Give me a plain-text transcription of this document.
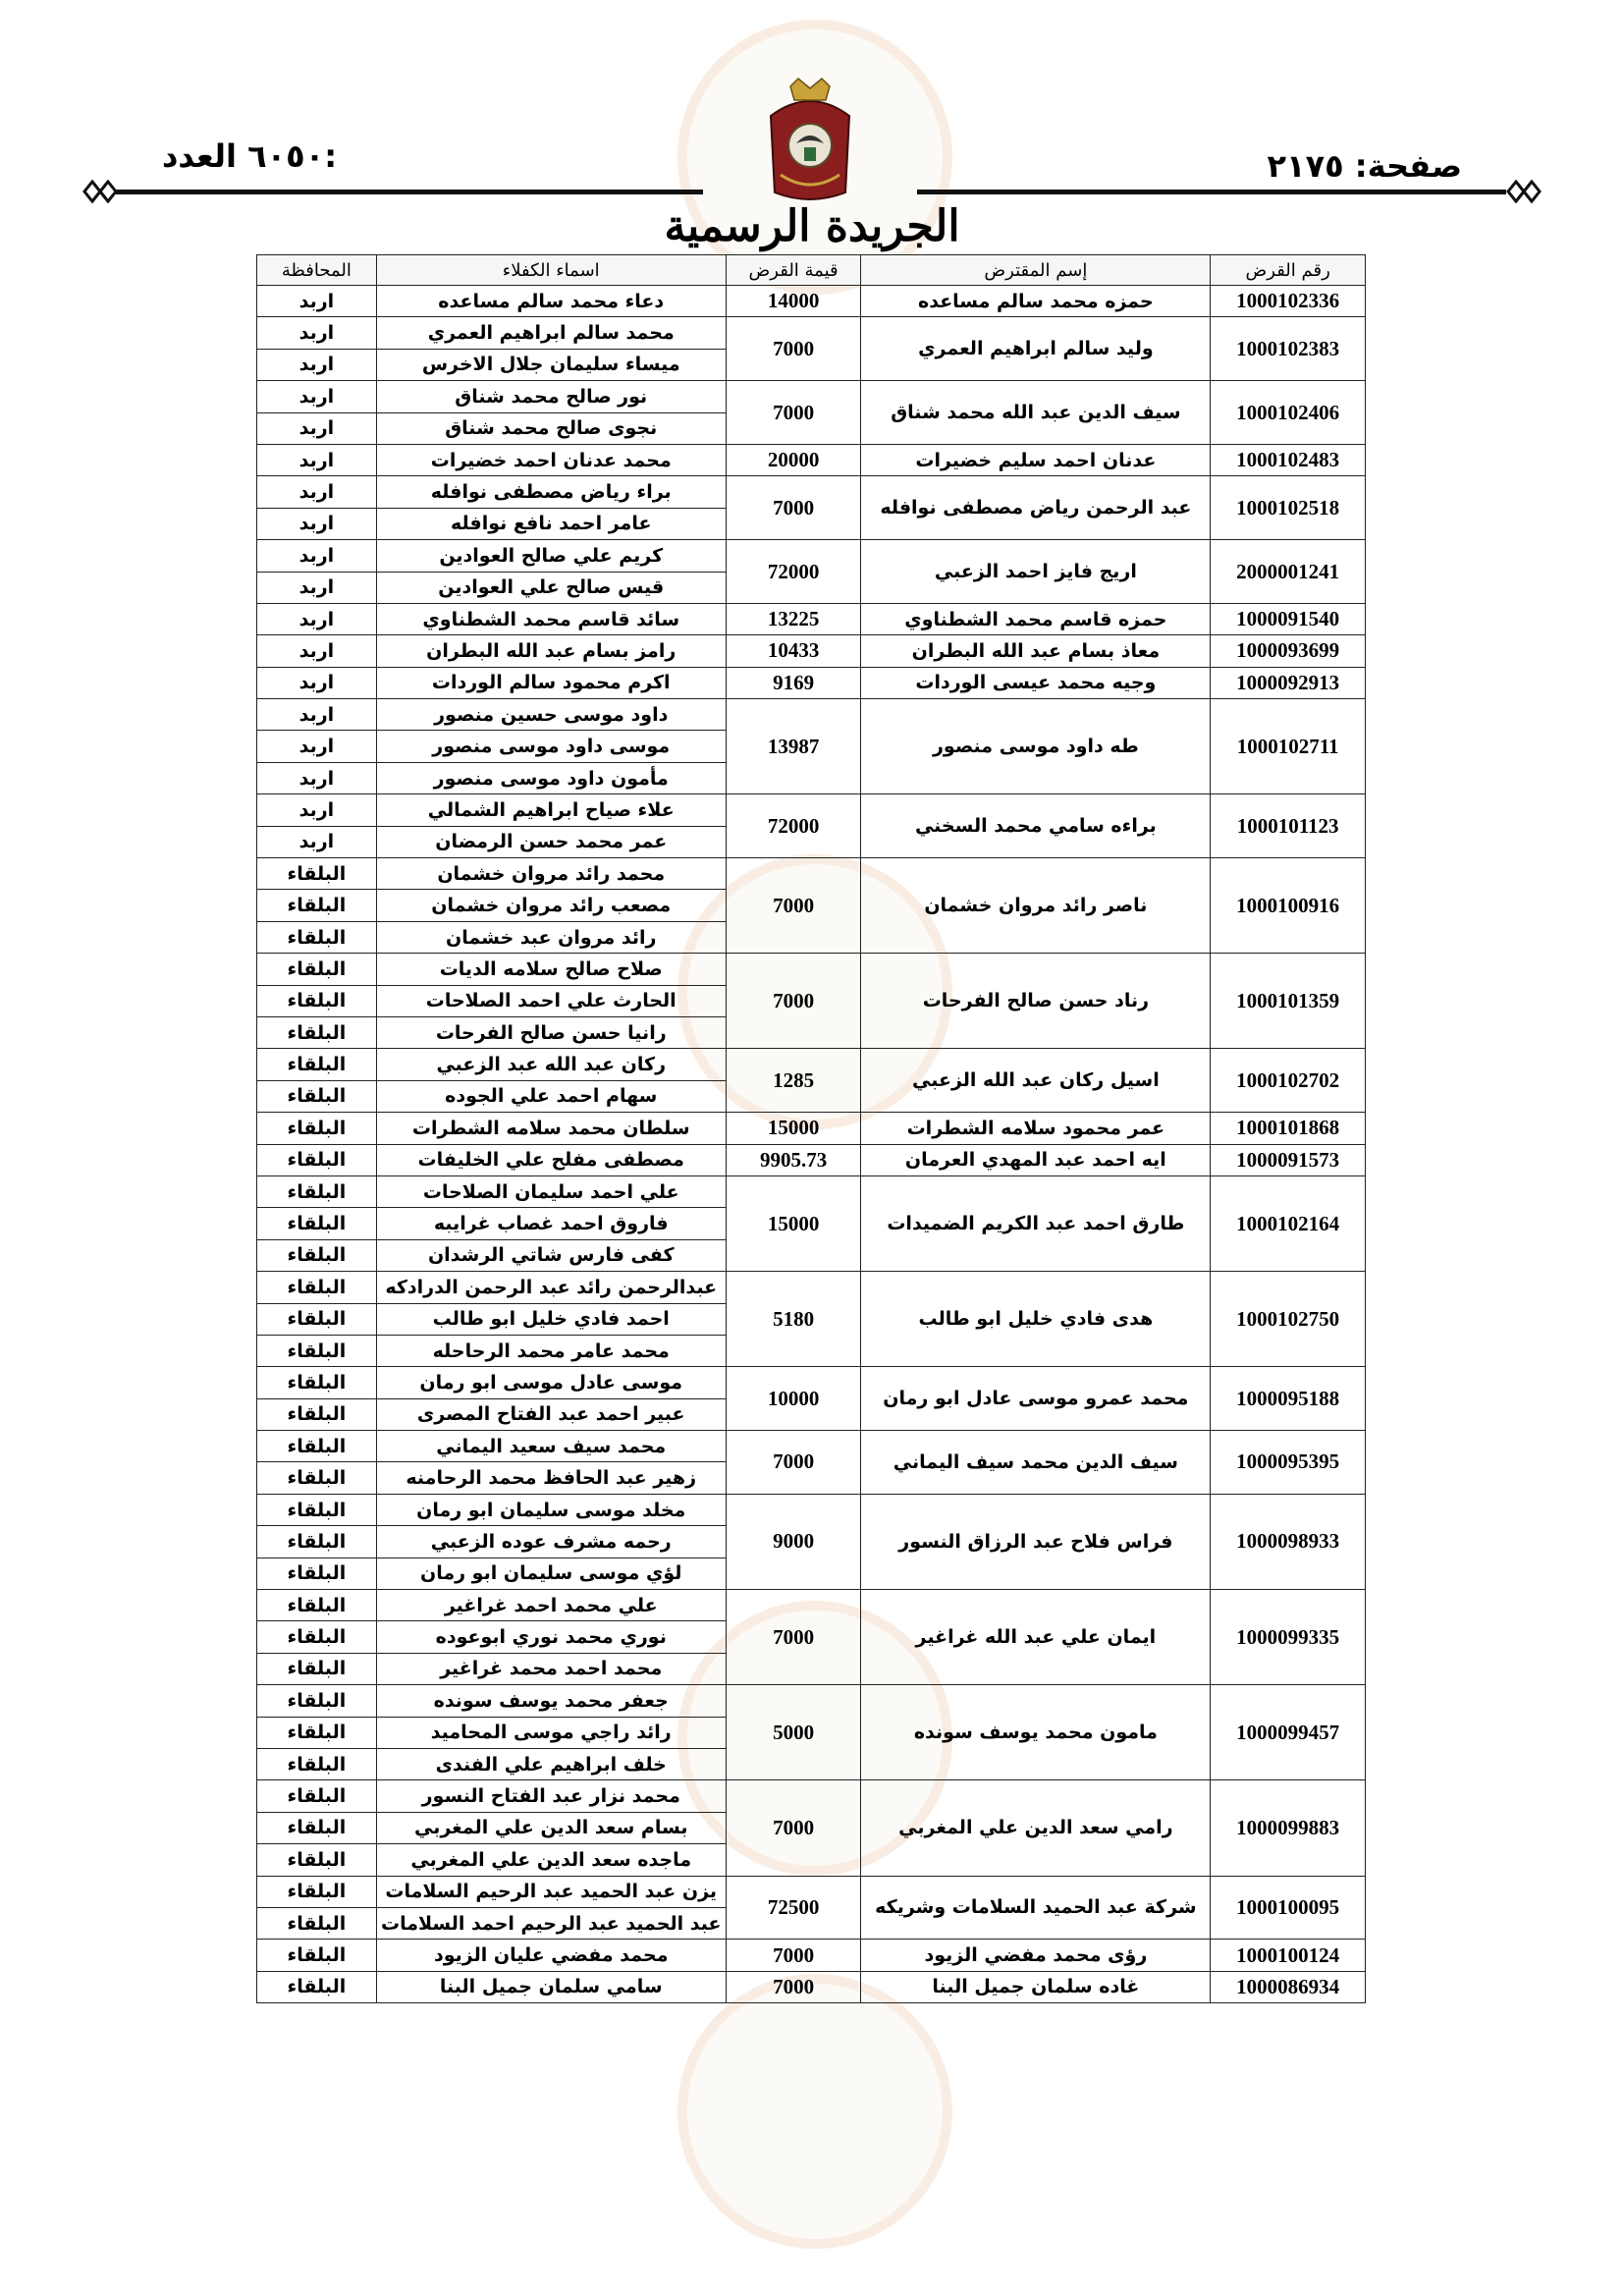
٦٠٥٠ العدد:	صفحة: ٢١٧٥
الجريدة الرسمية
رقم القرض	إسم المقترض	قيمة القرض	اسماء الكفلاء	المحافظة
1000102336	حمزه محمد سالم مساعده	14000	دعاء محمد سالم مساعده	اربد
1000102383	وليد سالم ابراهيم العمري	7000	محمد سالم ابراهيم العمري	اربد
			ميساء سليمان جلال الاخرس	اربد
1000102406	سيف الدين عبد الله محمد شناق	7000	نور صالح محمد شناق	اربد
			نجوى صالح محمد شناق	اربد
1000102483	عدنان احمد سليم خضيرات	20000	محمد عدنان احمد خضيرات	اربد
1000102518	عبد الرحمن رياض مصطفى نوافله	7000	براء رياض مصطفى نوافله	اربد
			عامر احمد نافع نوافله	اربد
2000001241	اريج فايز احمد الزعبي	72000	كريم علي صالح العوادين	اربد
			قيس صالح علي العوادين	اربد
1000091540	حمزه قاسم محمد الشطناوي	13225	سائد قاسم محمد الشطناوي	اربد
1000093699	معاذ بسام عبد الله البطران	10433	رامز بسام عبد الله البطران	اربد
1000092913	وجيه محمد عيسى الوردات	9169	اكرم محمود سالم الوردات	اربد
1000102711	طه داود موسى منصور	13987	داود موسى حسين منصور	اربد
			موسى داود موسى منصور	اربد
			مأمون داود موسى منصور	اربد
1000101123	براءه سامي محمد السخني	72000	علاء صياح ابراهيم الشمالي	اربد
			عمر محمد حسن الرمضان	اربد
1000100916	ناصر رائد مروان خشمان	7000	محمد رائد مروان خشمان	البلقاء
			مصعب رائد مروان خشمان	البلقاء
			رائد مروان عبد خشمان	البلقاء
1000101359	رناد حسن صالح الفرحات	7000	صلاح صالح سلامه الديات	البلقاء
			الحارث علي احمد الصلاحات	البلقاء
			رانيا حسن صالح الفرحات	البلقاء
1000102702	اسيل ركان عبد الله الزعبي	1285	ركان عبد الله عبد الزعبي	البلقاء
			سهام احمد علي الجوده	البلقاء
1000101868	عمر محمود سلامه الشطرات	15000	سلطان محمد سلامه الشطرات	البلقاء
1000091573	ايه احمد عبد المهدي العرمان	9905.73	مصطفى مفلح علي الخليفات	البلقاء
1000102164	طارق احمد عبد الكريم الضميدات	15000	علي احمد سليمان الصلاحات	البلقاء
			فاروق احمد غصاب غرايبه	البلقاء
			كفى فارس شاتي الرشدان	البلقاء
1000102750	هدى فادي خليل ابو طالب	5180	عبدالرحمن رائد عبد الرحمن الدرادكه	البلقاء
			احمد فادي خليل ابو طالب	البلقاء
			محمد عامر محمد الرحاحله	البلقاء
1000095188	محمد عمرو موسى عادل ابو رمان	10000	موسى عادل موسى ابو رمان	البلقاء
			عبير احمد عبد الفتاح المصرى	البلقاء
1000095395	سيف الدين محمد سيف اليماني	7000	محمد سيف سعيد اليماني	البلقاء
			زهير عبد الحافظ محمد الرحامنه	البلقاء
1000098933	فراس فلاح عبد الرزاق النسور	9000	مخلد موسى سليمان ابو رمان	البلقاء
			رحمه مشرف عوده الزعبي	البلقاء
			لؤي موسى سليمان ابو رمان	البلقاء
1000099335	ايمان علي عبد الله غراغير	7000	علي محمد احمد غراغير	البلقاء
			نوري محمد نوري ابوعوده	البلقاء
			محمد احمد محمد غراغير	البلقاء
1000099457	مامون محمد يوسف سونده	5000	جعفر محمد يوسف سونده	البلقاء
			رائد راجي موسى المحاميد	البلقاء
			خلف ابراهيم علي الفندى	البلقاء
1000099883	رامي سعد الدين علي المغربي	7000	محمد نزار عبد الفتاح النسور	البلقاء
			بسام سعد الدين علي المغربي	البلقاء
			ماجده سعد الدين علي المغربي	البلقاء
1000100095	شركة عبد الحميد السلامات وشريكه	72500	يزن عبد الحميد عبد الرحيم السلامات	البلقاء
			عبد الحميد عبد الرحيم احمد السلامات	البلقاء
1000100124	رؤى محمد مفضي الزيود	7000	محمد مفضي عليان الزيود	البلقاء
1000086934	غاده سلمان جميل البنا	7000	سامي سلمان جميل البنا	البلقاء
